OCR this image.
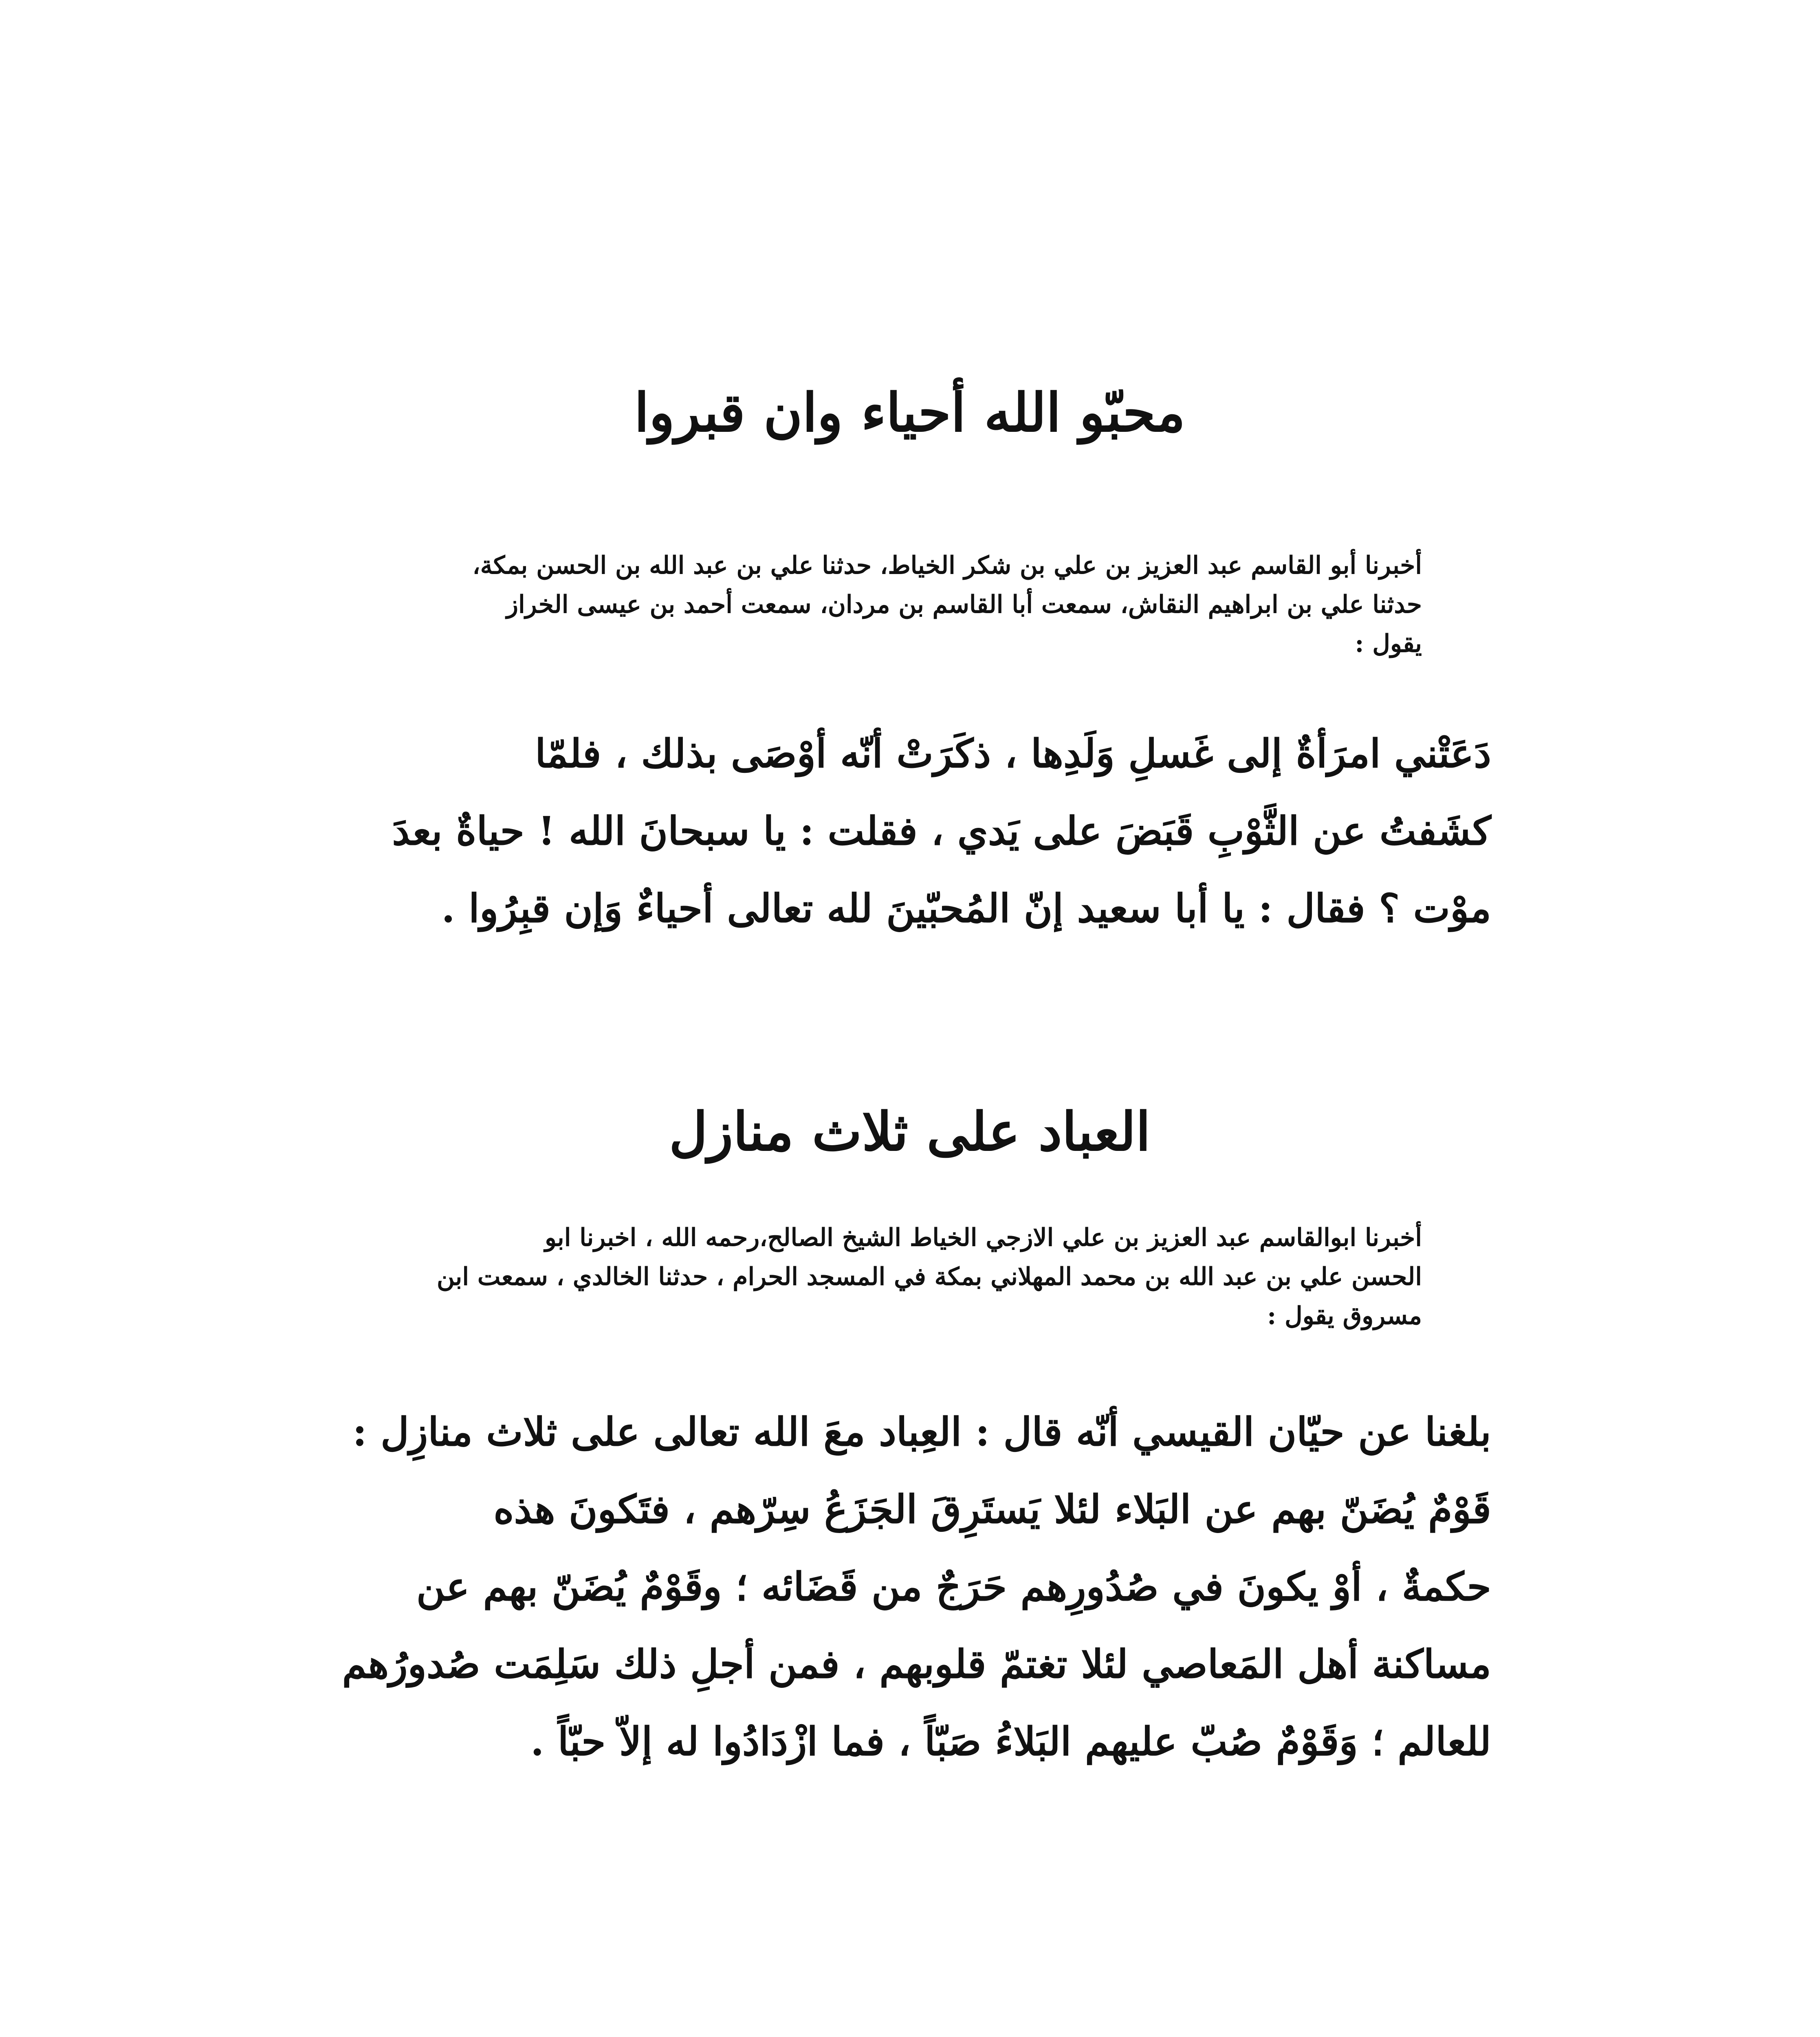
محبّو الله أحياء وان قبروا
أخبرنا أبو القاسم عبد العزيز بن علي بن شكر الخياط، حدثنا علي بن عبد الله بن الحسن بمكة،
حدثنا علي بن ابراهيم النقاش، سمعت أبا القاسم بن مردان، سمعت أحمد بن عيسى الخراز
يقول :
دَعَتْني امرَأةٌ إلى غَسلِ وَلَدِها ، ذكَرَتْ أنّه أوْصَى بذلك ، فلمّا
كشَفتُ عن الثَّوْبِ قَبَضَ على يَدي ، فقلت : يا سبحانَ الله ! حياةٌ بعدَ
موْت ؟ فقال : يا أبا سعيد إنّ المُحبّينَ لله تعالى أحياءٌ وَإن قبِرُوا .
العباد على ثلاث منازل
أخبرنا ابوالقاسم عبد العزيز بن علي الازجي الخياط الشيخ الصالح،رحمه الله ، اخبرنا ابو
الحسن علي بن عبد الله بن محمد المهلاني بمكة في المسجد الحرام ، حدثنا الخالدي ، سمعت ابن
مسروق يقول :
بلغنا عن حيّان القيسي أنّه قال : العِباد معَ الله تعالى على ثلاث منازِل :
قَوْمٌ يُضَنّ بهم عن البَلاء لئلا يَستَرِقَ الجَزَعُ سِرّهم ، فتَكونَ هذه
حكمةٌ ، أوْ يكونَ في صُدُورِهم حَرَجٌ من قَضَائه ؛ وقَوْمٌ يُضَنّ بهم عن
مساكنة أهل المَعاصي لئلا تغتمّ قلوبهم ، فمن أجلِ ذلك سَلِمَت صُدورُهم
للعالم ؛ وَقَوْمٌ صُبّ عليهم البَلاءُ صَبّاً ، فما ازْدَادُوا له إلاّ حبّاً .
